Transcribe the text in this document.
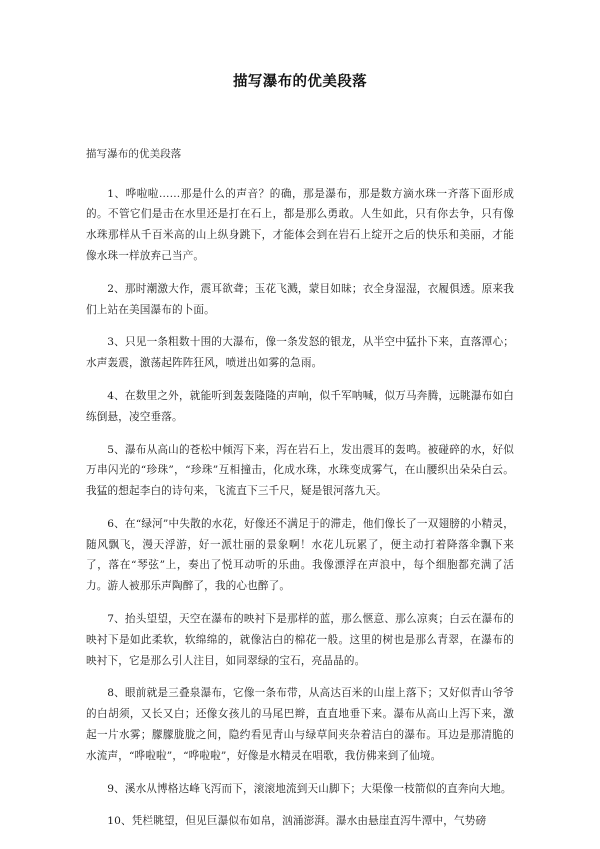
描写瀑布的优美段落

描写瀑布的优美段落

1、哗啦啦……那是什么的声音？的确，那是瀑布，那是数方滴水珠一齐落下面形成的。不管它们是击在水里还是打在石上，都是那么勇敢。人生如此，只有你去争，只有像水珠那样从千百米高的山上纵身跳下，才能体会到在岩石上绽开之后的快乐和美丽，才能像水珠一样放弃己当产。

2、那时潮激大作，震耳欲聋；玉花飞溅，蒙目如昧；衣全身湿湿，衣履俱透。原来我们上站在美国瀑布的卜面。

3、只见一条粗数十围的大瀑布，像一条发怒的银龙，从半空中猛扑下来，直落潭心；水声轰震，激荡起阵阵狂风，喷迸出如雾的急雨。

4、在数里之外，就能听到轰轰隆隆的声响，似千军呐喊，似万马奔腾，远眺瀑布如白练倒悬，凌空垂落。

5、瀑布从高山的苍松中倾泻下来，泻在岩石上，发出震耳的轰鸣。被碰碎的水，好似万串闪光的“珍珠”，“珍珠”互相撞击，化成水珠，水珠变成雾气，在山腰织出朵朵白云。我猛的想起李白的诗句来，飞流直下三千尺，疑是银河落九天。

6、在“绿河”中失散的水花，好像还不满足于的滞走，他们像长了一双翅膀的小精灵，随风飘飞，漫天浮游，好一派壮丽的景象啊！水花儿玩累了，便主动打着降落伞飘下来了，落在“琴弦”上，奏出了悦耳动听的乐曲。我像漂浮在声浪中，每个细胞都充满了活力。游人被那乐声陶醉了，我的心也醉了。

7、抬头望望，天空在瀑布的映衬下是那样的蓝，那么惬意、那么凉爽；白云在瀑布的映衬下是如此柔软，软绵绵的，就像沾白的棉花一般。这里的树也是那么青翠，在瀑布的映衬下，它是那么引人注目，如同翠绿的宝石，亮晶晶的。

8、眼前就是三叠泉瀑布，它像一条布带，从高达百米的山崖上落下；又好似青山爷爷的白胡须，又长又白；还像女孩儿的马尾巴辫，直直地垂下来。瀑布从高山上泻下来，激起一片水雾；朦朦胧胧之间，隐约看见青山与绿草间夹杂着洁白的瀑布。耳边是那清脆的水流声，“哗啦啦”，“哗啦啦”，好像是水精灵在唱歌，我仿佛来到了仙境。

9、溪水从博格达峰飞泻而下，滚滚地流到天山脚下；大渠像一枝箭似的直奔向大地。

10、凭栏眺望，但见巨瀑似布如帛，汹涌澎湃。瀑水由悬崖直泻牛潭中，气势磅
